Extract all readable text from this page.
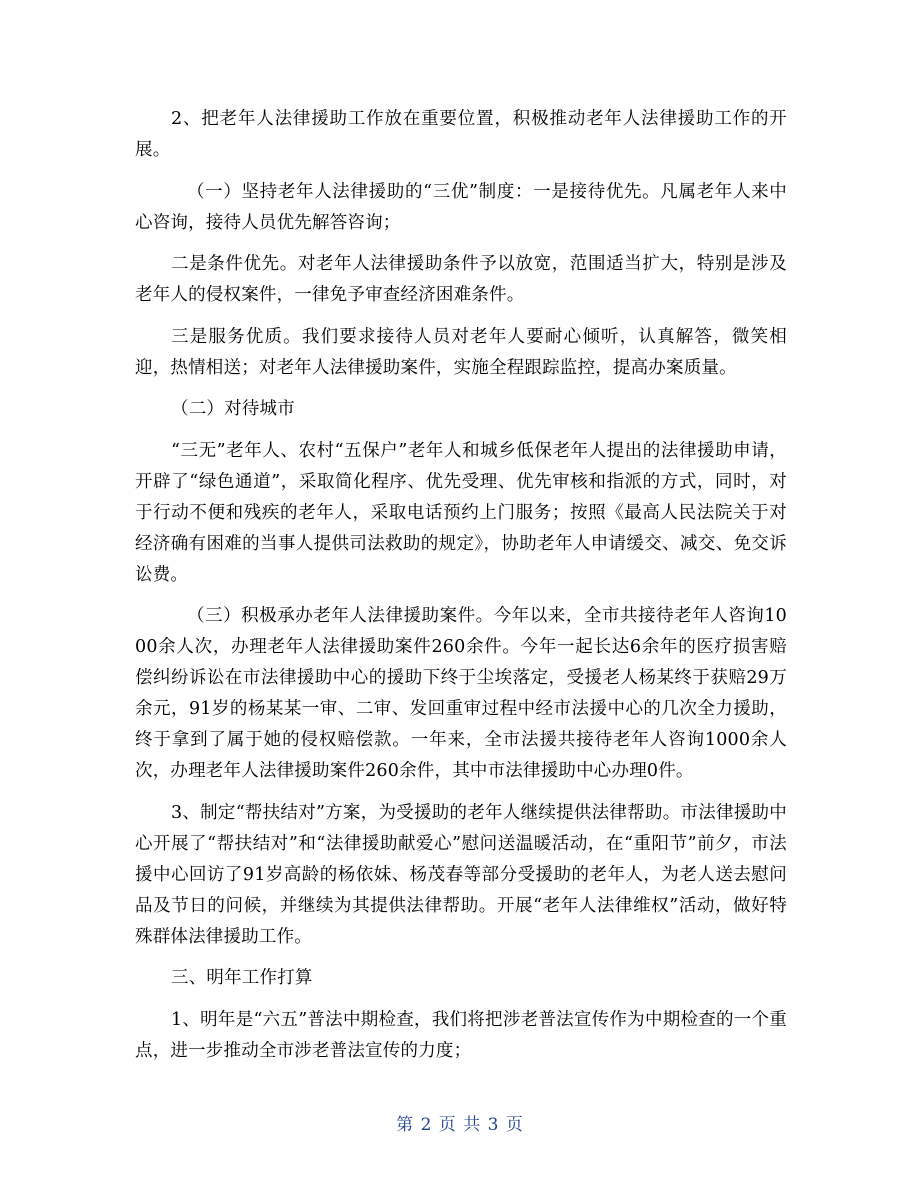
2、把老年人法律援助工作放在重要位置，积极推动老年人法律援助工作的开展。

（一）坚持老年人法律援助的“三优”制度：一是接待优先。凡属老年人来中心咨询，接待人员优先解答咨询；

二是条件优先。对老年人法律援助条件予以放宽，范围适当扩大，特别是涉及老年人的侵权案件，一律免予审查经济困难条件。

三是服务优质。我们要求接待人员对老年人要耐心倾听，认真解答，微笑相迎，热情相送；对老年人法律援助案件，实施全程跟踪监控，提高办案质量。

（二）对待城市

“三无”老年人、农村“五保户”老年人和城乡低保老年人提出的法律援助申请，开辟了“绿色通道”，采取简化程序、优先受理、优先审核和指派的方式，同时，对于行动不便和残疾的老年人，采取电话预约上门服务；按照《最高人民法院关于对经济确有困难的当事人提供司法救助的规定》，协助老年人申请缓交、减交、免交诉讼费。

（三）积极承办老年人法律援助案件。今年以来，全市共接待老年人咨询1000余人次，办理老年人法律援助案件260余件。今年一起长达6余年的医疗损害赔偿纠纷诉讼在市法律援助中心的援助下终于尘埃落定，受援老人杨某终于获赔29万余元，91岁的杨某某一审、二审、发回重审过程中经市法援中心的几次全力援助，终于拿到了属于她的侵权赔偿款。一年来，全市法援共接待老年人咨询1000余人次，办理老年人法律援助案件260余件，其中市法律援助中心办理0件。

3、制定“帮扶结对”方案，为受援助的老年人继续提供法律帮助。市法律援助中心开展了“帮扶结对”和“法律援助献爱心”慰问送温暖活动，在“重阳节”前夕，市法援中心回访了91岁高龄的杨依妹、杨茂春等部分受援助的老年人，为老人送去慰问品及节日的问候，并继续为其提供法律帮助。开展“老年人法律维权”活动，做好特殊群体法律援助工作。

三、明年工作打算

1、明年是“六五”普法中期检查，我们将把涉老普法宣传作为中期检查的一个重点，进一步推动全市涉老普法宣传的力度；

第 2 页 共 3 页
